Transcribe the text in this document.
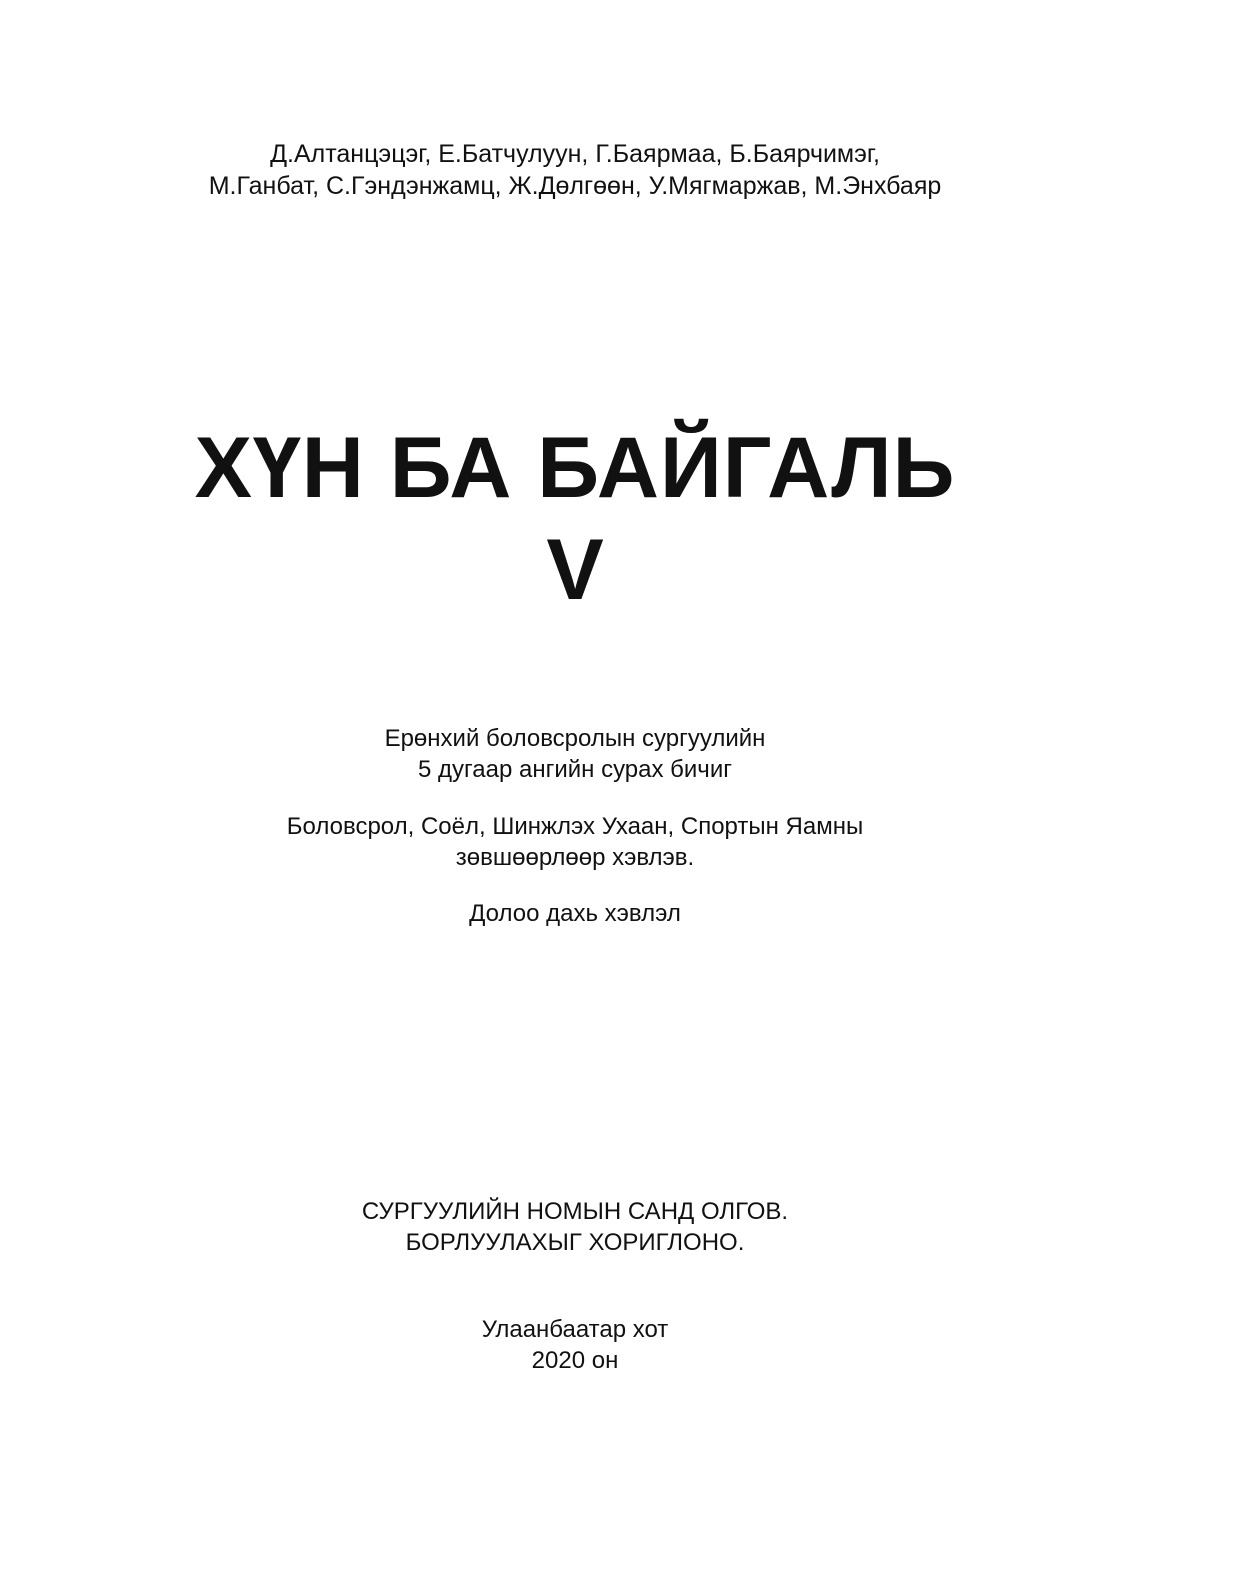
Д.Алтанцэцэг, Е.Батчулуун, Г.Баярмаа, Б.Баярчимэг,
М.Ганбат, С.Гэндэнжамц, Ж.Дөлгөөн, У.Мягмаржав, М.Энхбаяр
ХҮН БА БАЙГАЛЬ
V
Ерөнхий боловсролын сургуулийн
5 дугаар ангийн сурах бичиг
Боловсрол, Соёл, Шинжлэх Ухаан, Спортын Яамны
зөвшөөрлөөр хэвлэв.
Долоо дахь хэвлэл
СУРГУУЛИЙН НОМЫН САНД ОЛГОВ.
БОРЛУУЛАХЫГ ХОРИГЛОНО.
Улаанбаатар хот
2020 он
